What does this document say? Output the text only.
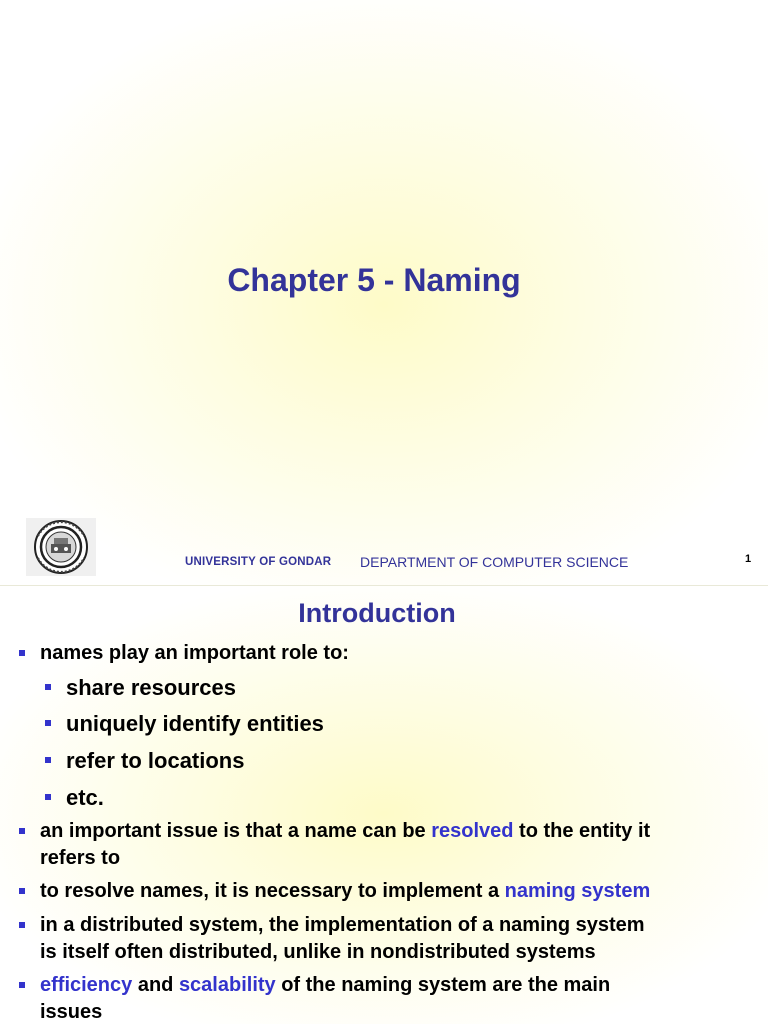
Chapter 5 - Naming
UNIVERSITY OF GONDAR DEPARTMENT OF COMPUTER SCIENCE	1
Introduction
names play an important role to:
share resources
uniquely identify entities
refer to locations
etc.
an important issue is that a name can be resolved to the entity it
refers to
to resolve names, it is necessary to implement a naming system
in a distributed system, the implementation of a naming system
is itself often distributed, unlike in nondistributed systems
efficiency and scalability of the naming system are the main
issues
